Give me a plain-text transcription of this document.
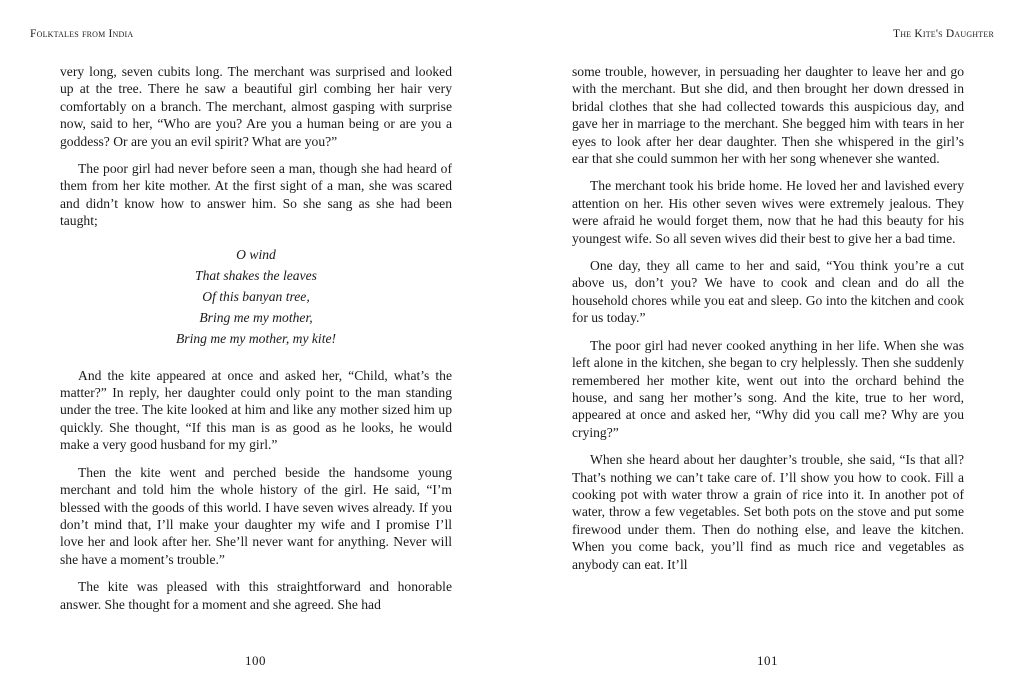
Folktales from India	The Kite's Daughter

very long, seven cubits long. The merchant was surprised and looked up at the tree. There he saw a beautiful girl combing her hair very comfortably on a branch. The merchant, almost gasping with surprise now, said to her, “Who are you? Are you a human being or are you a goddess? Or are you an evil spirit? What are you?”

The poor girl had never before seen a man, though she had heard of them from her kite mother. At the first sight of a man, she was scared and didn’t know how to answer him. So she sang as she had been taught;

O wind
That shakes the leaves
Of this banyan tree,
Bring me my mother,
Bring me my mother, my kite!

And the kite appeared at once and asked her, “Child, what’s the matter?” In reply, her daughter could only point to the man standing under the tree. The kite looked at him and like any mother sized him up quickly. She thought, “If this man is as good as he looks, he would make a very good husband for my girl.”

Then the kite went and perched beside the handsome young merchant and told him the whole history of the girl. He said, “I’m blessed with the goods of this world. I have seven wives already. If you don’t mind that, I’ll make your daughter my wife and I promise I’ll love her and look after her. She’ll never want for anything. Never will she have a moment’s trouble.”

The kite was pleased with this straightforward and honorable answer. She thought for a moment and she agreed. She had

some trouble, however, in persuading her daughter to leave her and go with the merchant. But she did, and then brought her down dressed in bridal clothes that she had collected towards this auspicious day, and gave her in marriage to the merchant. She begged him with tears in her eyes to look after her dear daughter. Then she whispered in the girl’s ear that she could summon her with her song whenever she wanted.

The merchant took his bride home. He loved her and lavished every attention on her. His other seven wives were extremely jealous. They were afraid he would forget them, now that he had this beauty for his youngest wife. So all seven wives did their best to give her a bad time.

One day, they all came to her and said, “You think you’re a cut above us, don’t you? We have to cook and clean and do all the household chores while you eat and sleep. Go into the kitchen and cook for us today.”

The poor girl had never cooked anything in her life. When she was left alone in the kitchen, she began to cry helplessly. Then she suddenly remembered her mother kite, went out into the orchard behind the house, and sang her mother’s song. And the kite, true to her word, appeared at once and asked her, “Why did you call me? Why are you crying?”

When she heard about her daughter’s trouble, she said, “Is that all? That’s nothing we can’t take care of. I’ll show you how to cook. Fill a cooking pot with water throw a grain of rice into it. In another pot of water, throw a few vegetables. Set both pots on the stove and put some firewood under them. Then do nothing else, and leave the kitchen. When you come back, you’ll find as much rice and vegetables as anybody can eat. It’ll

100	101
